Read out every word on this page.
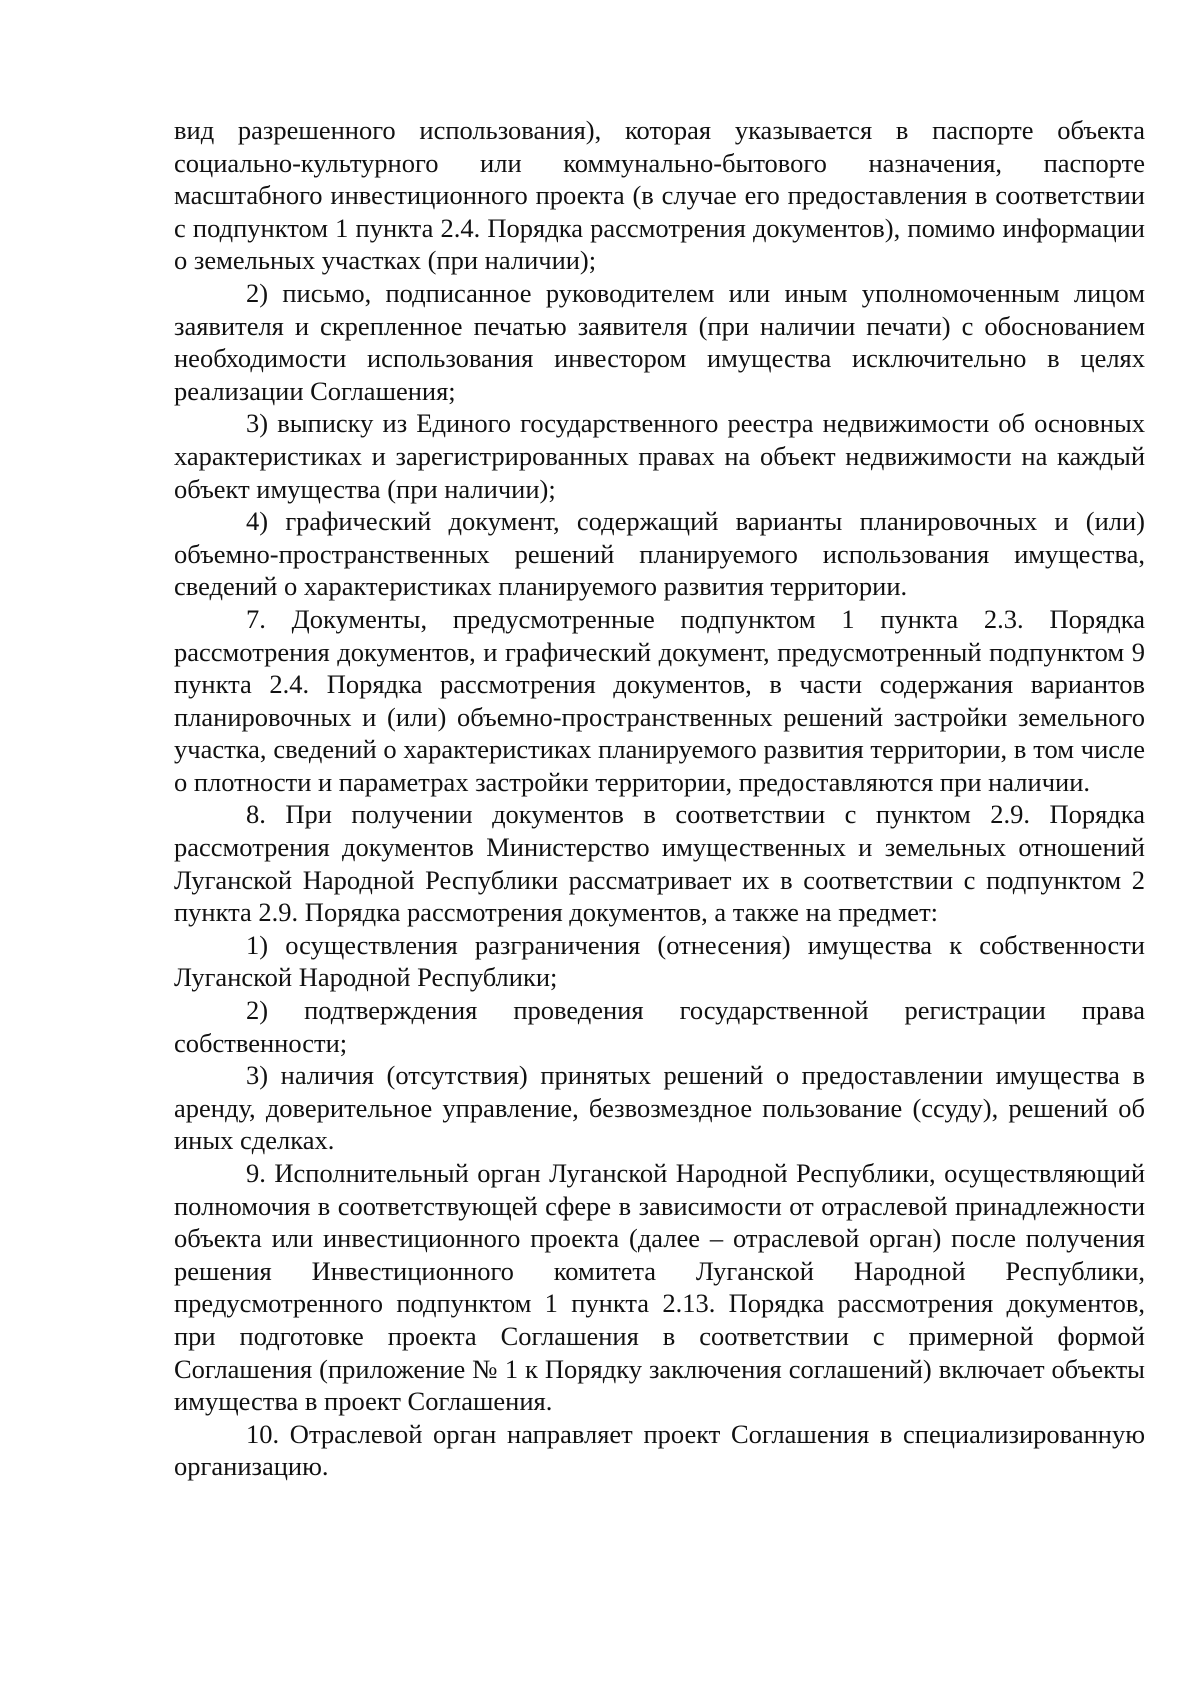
вид разрешенного использования), которая указывается в паспорте объекта социально-культурного или коммунально-бытового назначения, паспорте масштабного инвестиционного проекта (в случае его предоставления в соответствии с подпунктом 1 пункта 2.4. Порядка рассмотрения документов), помимо информации о земельных участках (при наличии);

2) письмо, подписанное руководителем или иным уполномоченным лицом заявителя и скрепленное печатью заявителя (при наличии печати) с обоснованием необходимости использования инвестором имущества исключительно в целях реализации Соглашения;

3) выписку из Единого государственного реестра недвижимости об основных характеристиках и зарегистрированных правах на объект недвижимости на каждый объект имущества (при наличии);

4) графический документ, содержащий варианты планировочных и (или) объемно-пространственных решений планируемого использования имущества, сведений о характеристиках планируемого развития территории.

7. Документы, предусмотренные подпунктом 1 пункта 2.3. Порядка рассмотрения документов, и графический документ, предусмотренный подпунктом 9 пункта 2.4. Порядка рассмотрения документов, в части содержания вариантов планировочных и (или) объемно-пространственных решений застройки земельного участка, сведений о характеристиках планируемого развития территории, в том числе о плотности и параметрах застройки территории, предоставляются при наличии.

8. При получении документов в соответствии с пунктом 2.9. Порядка рассмотрения документов Министерство имущественных и земельных отношений Луганской Народной Республики рассматривает их в соответствии с подпунктом 2 пункта 2.9. Порядка рассмотрения документов, а также на предмет:

1) осуществления разграничения (отнесения) имущества к собственности Луганской Народной Республики;

2) подтверждения проведения государственной регистрации права собственности;

3) наличия (отсутствия) принятых решений о предоставлении имущества в аренду, доверительное управление, безвозмездное пользование (ссуду), решений об иных сделках.

9. Исполнительный орган Луганской Народной Республики, осуществляющий полномочия в соответствующей сфере в зависимости от отраслевой принадлежности объекта или инвестиционного проекта (далее – отраслевой орган) после получения решения Инвестиционного комитета Луганской Народной Республики, предусмотренного подпунктом 1 пункта 2.13. Порядка рассмотрения документов, при подготовке проекта Соглашения в соответствии с примерной формой Соглашения (приложение № 1 к Порядку заключения соглашений) включает объекты имущества в проект Соглашения.

10. Отраслевой орган направляет проект Соглашения в специализированную организацию.
